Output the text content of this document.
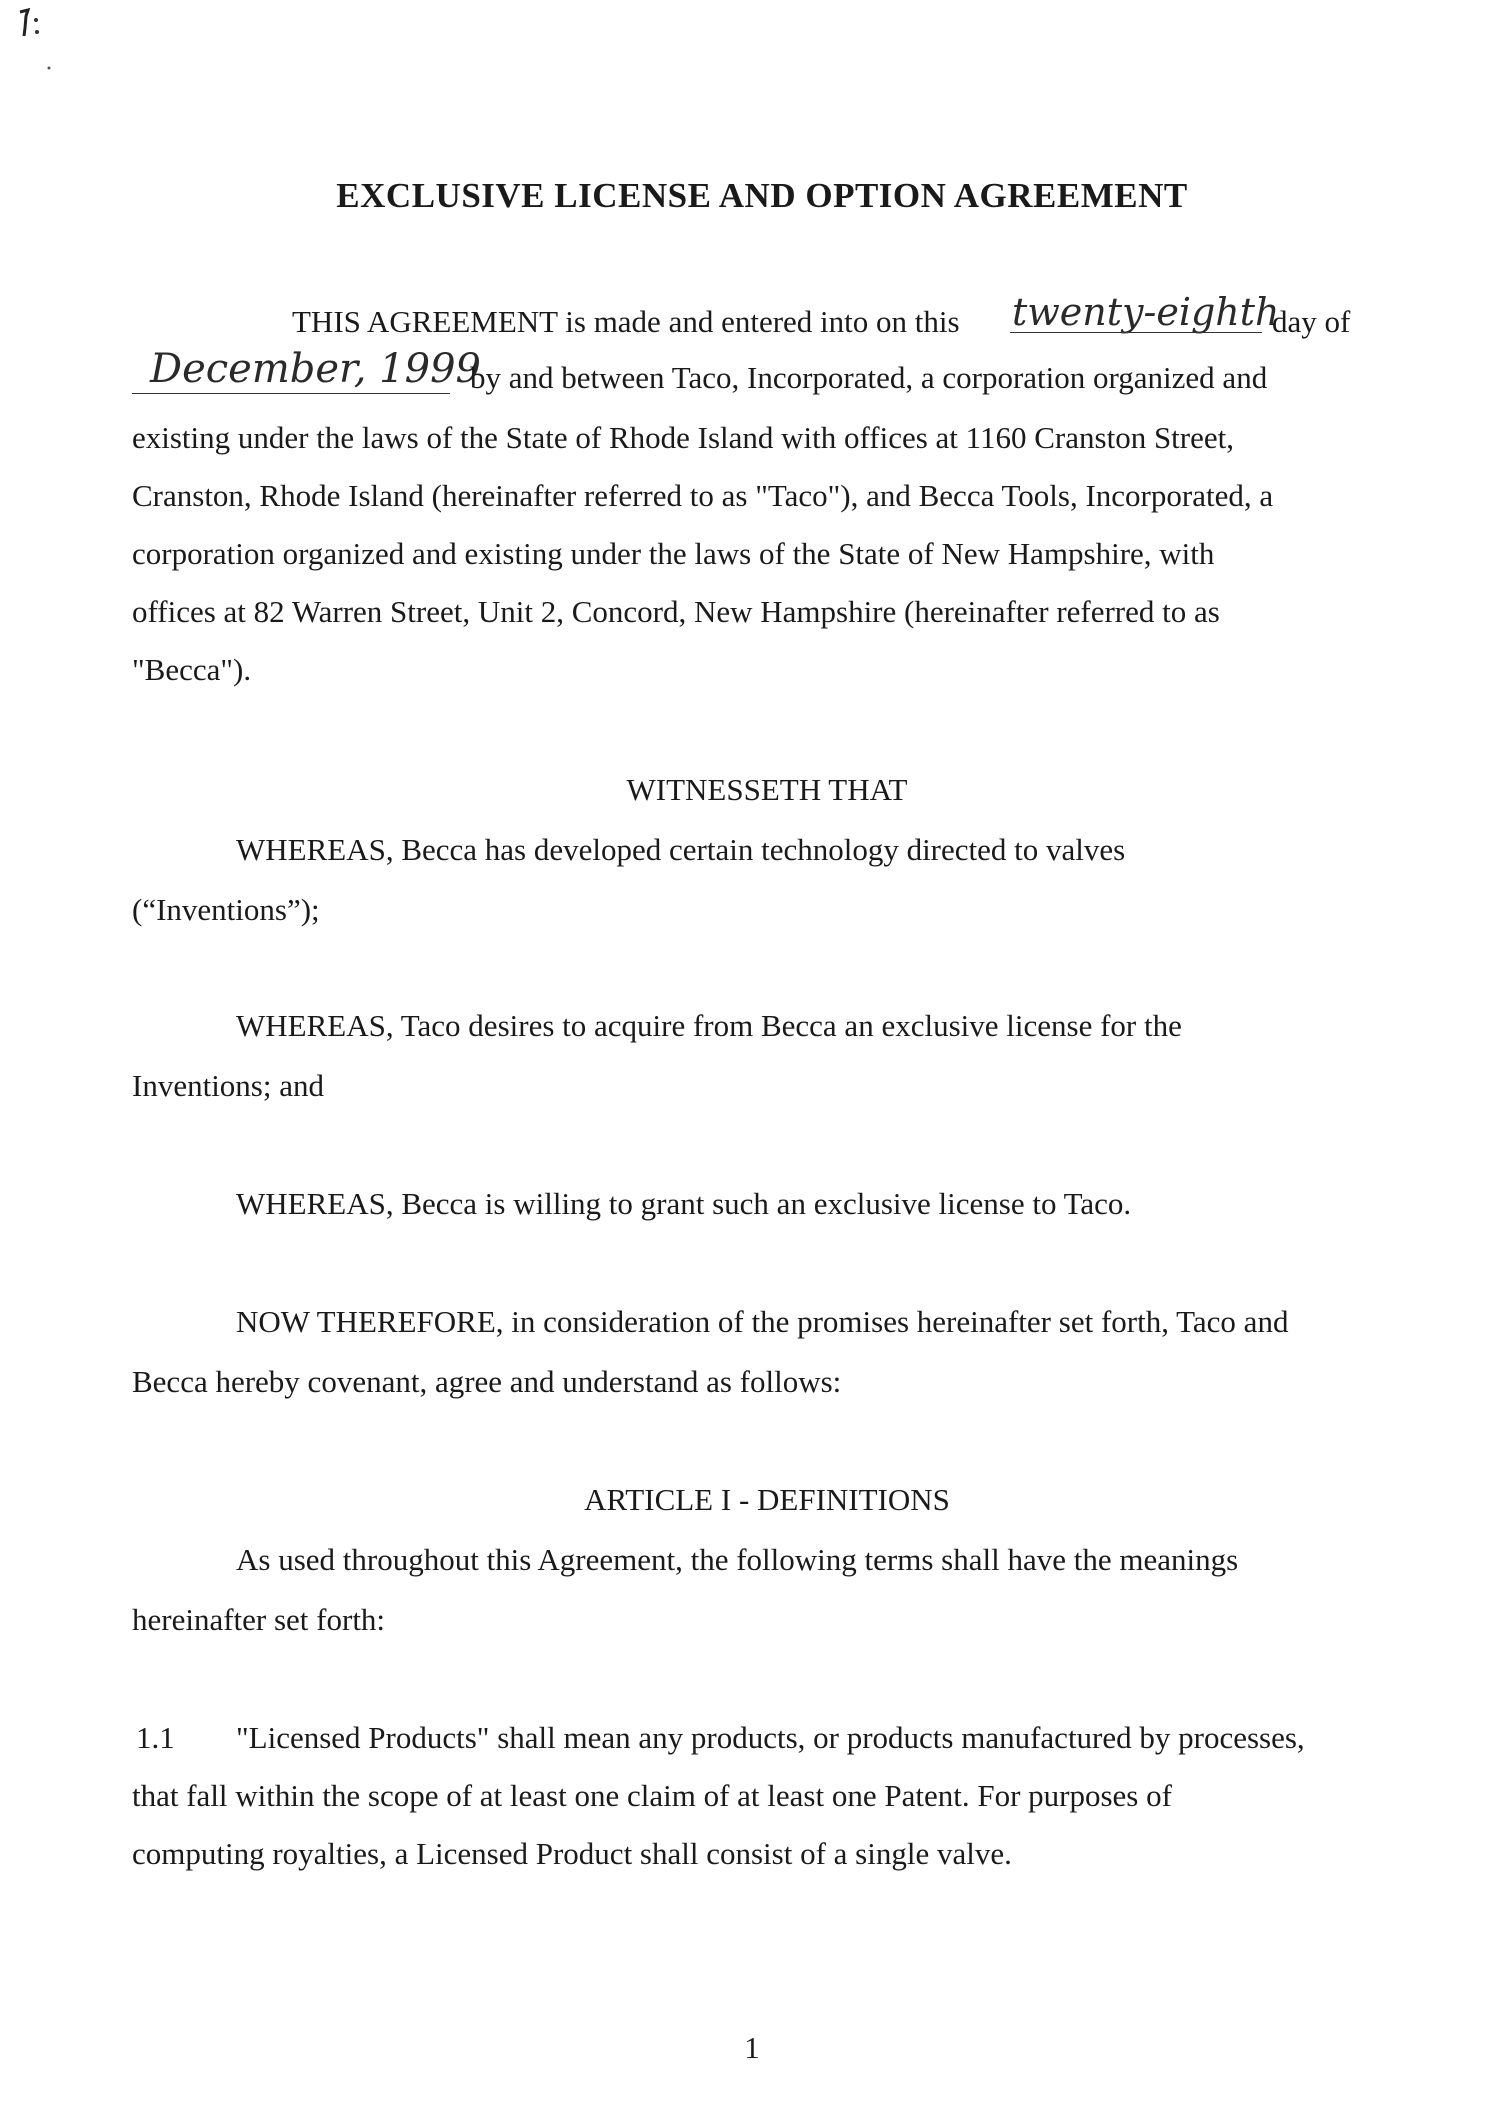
EXCLUSIVE LICENSE AND OPTION AGREEMENT
THIS AGREEMENT is made and entered into on this twenty-eighth
day of
December, 1999
by and between Taco, Incorporated, a corporation organized and
existing under the laws of the State of Rhode Island with offices at 1160 Cranston Street,
Cranston, Rhode Island (hereinafter referred to as "Taco"), and Becca Tools, Incorporated, a
corporation organized and existing under the laws of the State of New Hampshire, with
offices at 82 Warren Street, Unit 2, Concord, New Hampshire (hereinafter referred to as
"Becca").
WITNESSETH THAT
WHEREAS, Becca has developed certain technology directed to valves
(“Inventions”);
WHEREAS, Taco desires to acquire from Becca an exclusive license for the
Inventions; and
WHEREAS, Becca is willing to grant such an exclusive license to Taco.
NOW THEREFORE, in consideration of the promises hereinafter set forth, Taco and
Becca hereby covenant, agree and understand as follows:
ARTICLE I - DEFINITIONS
As used throughout this Agreement, the following terms shall have the meanings
hereinafter set forth:
1.1 "Licensed Products" shall mean any products, or products manufactured by processes,
that fall within the scope of at least one claim of at least one Patent. For purposes of
computing royalties, a Licensed Product shall consist of a single valve.
1
